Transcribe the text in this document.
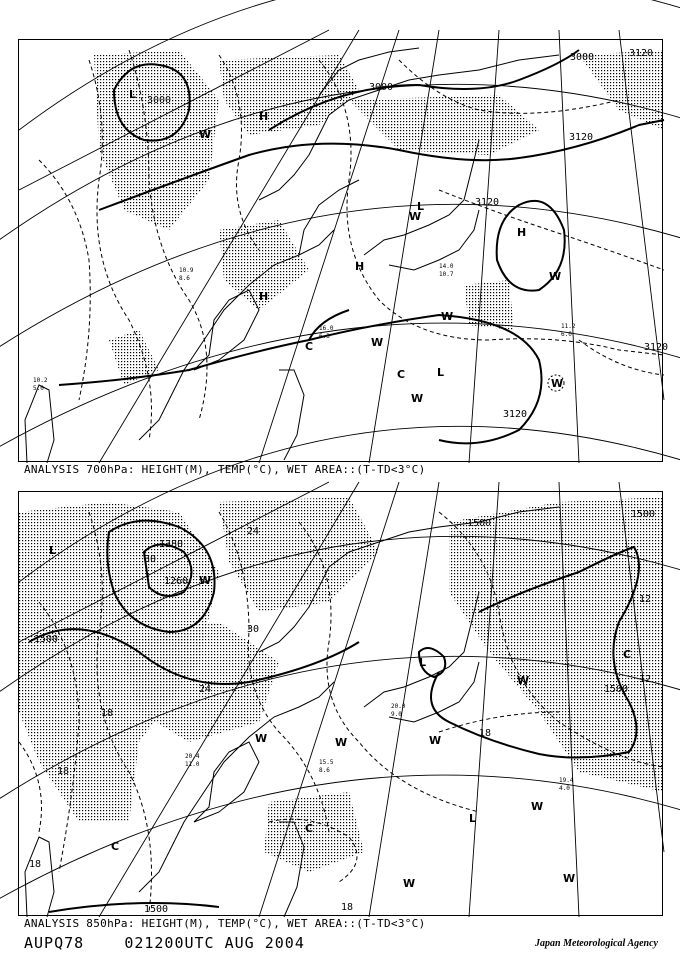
3000
3000
3000	3120
3120
3120
3120
3120
L
H
H
H
L
H
W
W
W
W
W
C
C	L
W
W
10.9
8.6
11.2
6.0
10.2
5.0
16.0
6.3
14.0
10.7
ANALYSIS 700hPa: HEIGHT(M), TEMP(°C), WET AREA::(T-TD<3°C)
1380
1260
1500
1500
1500
1500
1500
30
30
24
24
18
18
18
18
18
12
12
L
C
W
W	W	W
W
L
C
W
W
W
C
L
20.4
11.0
19.4
4.0
15.5
8.6
20.0
9.0
ANALYSIS 850hPa: HEIGHT(M), TEMP(°C), WET AREA::(T-TD<3°C)
AUPQ78	021200UTC AUG 2004	Japan Meteorological Agency
